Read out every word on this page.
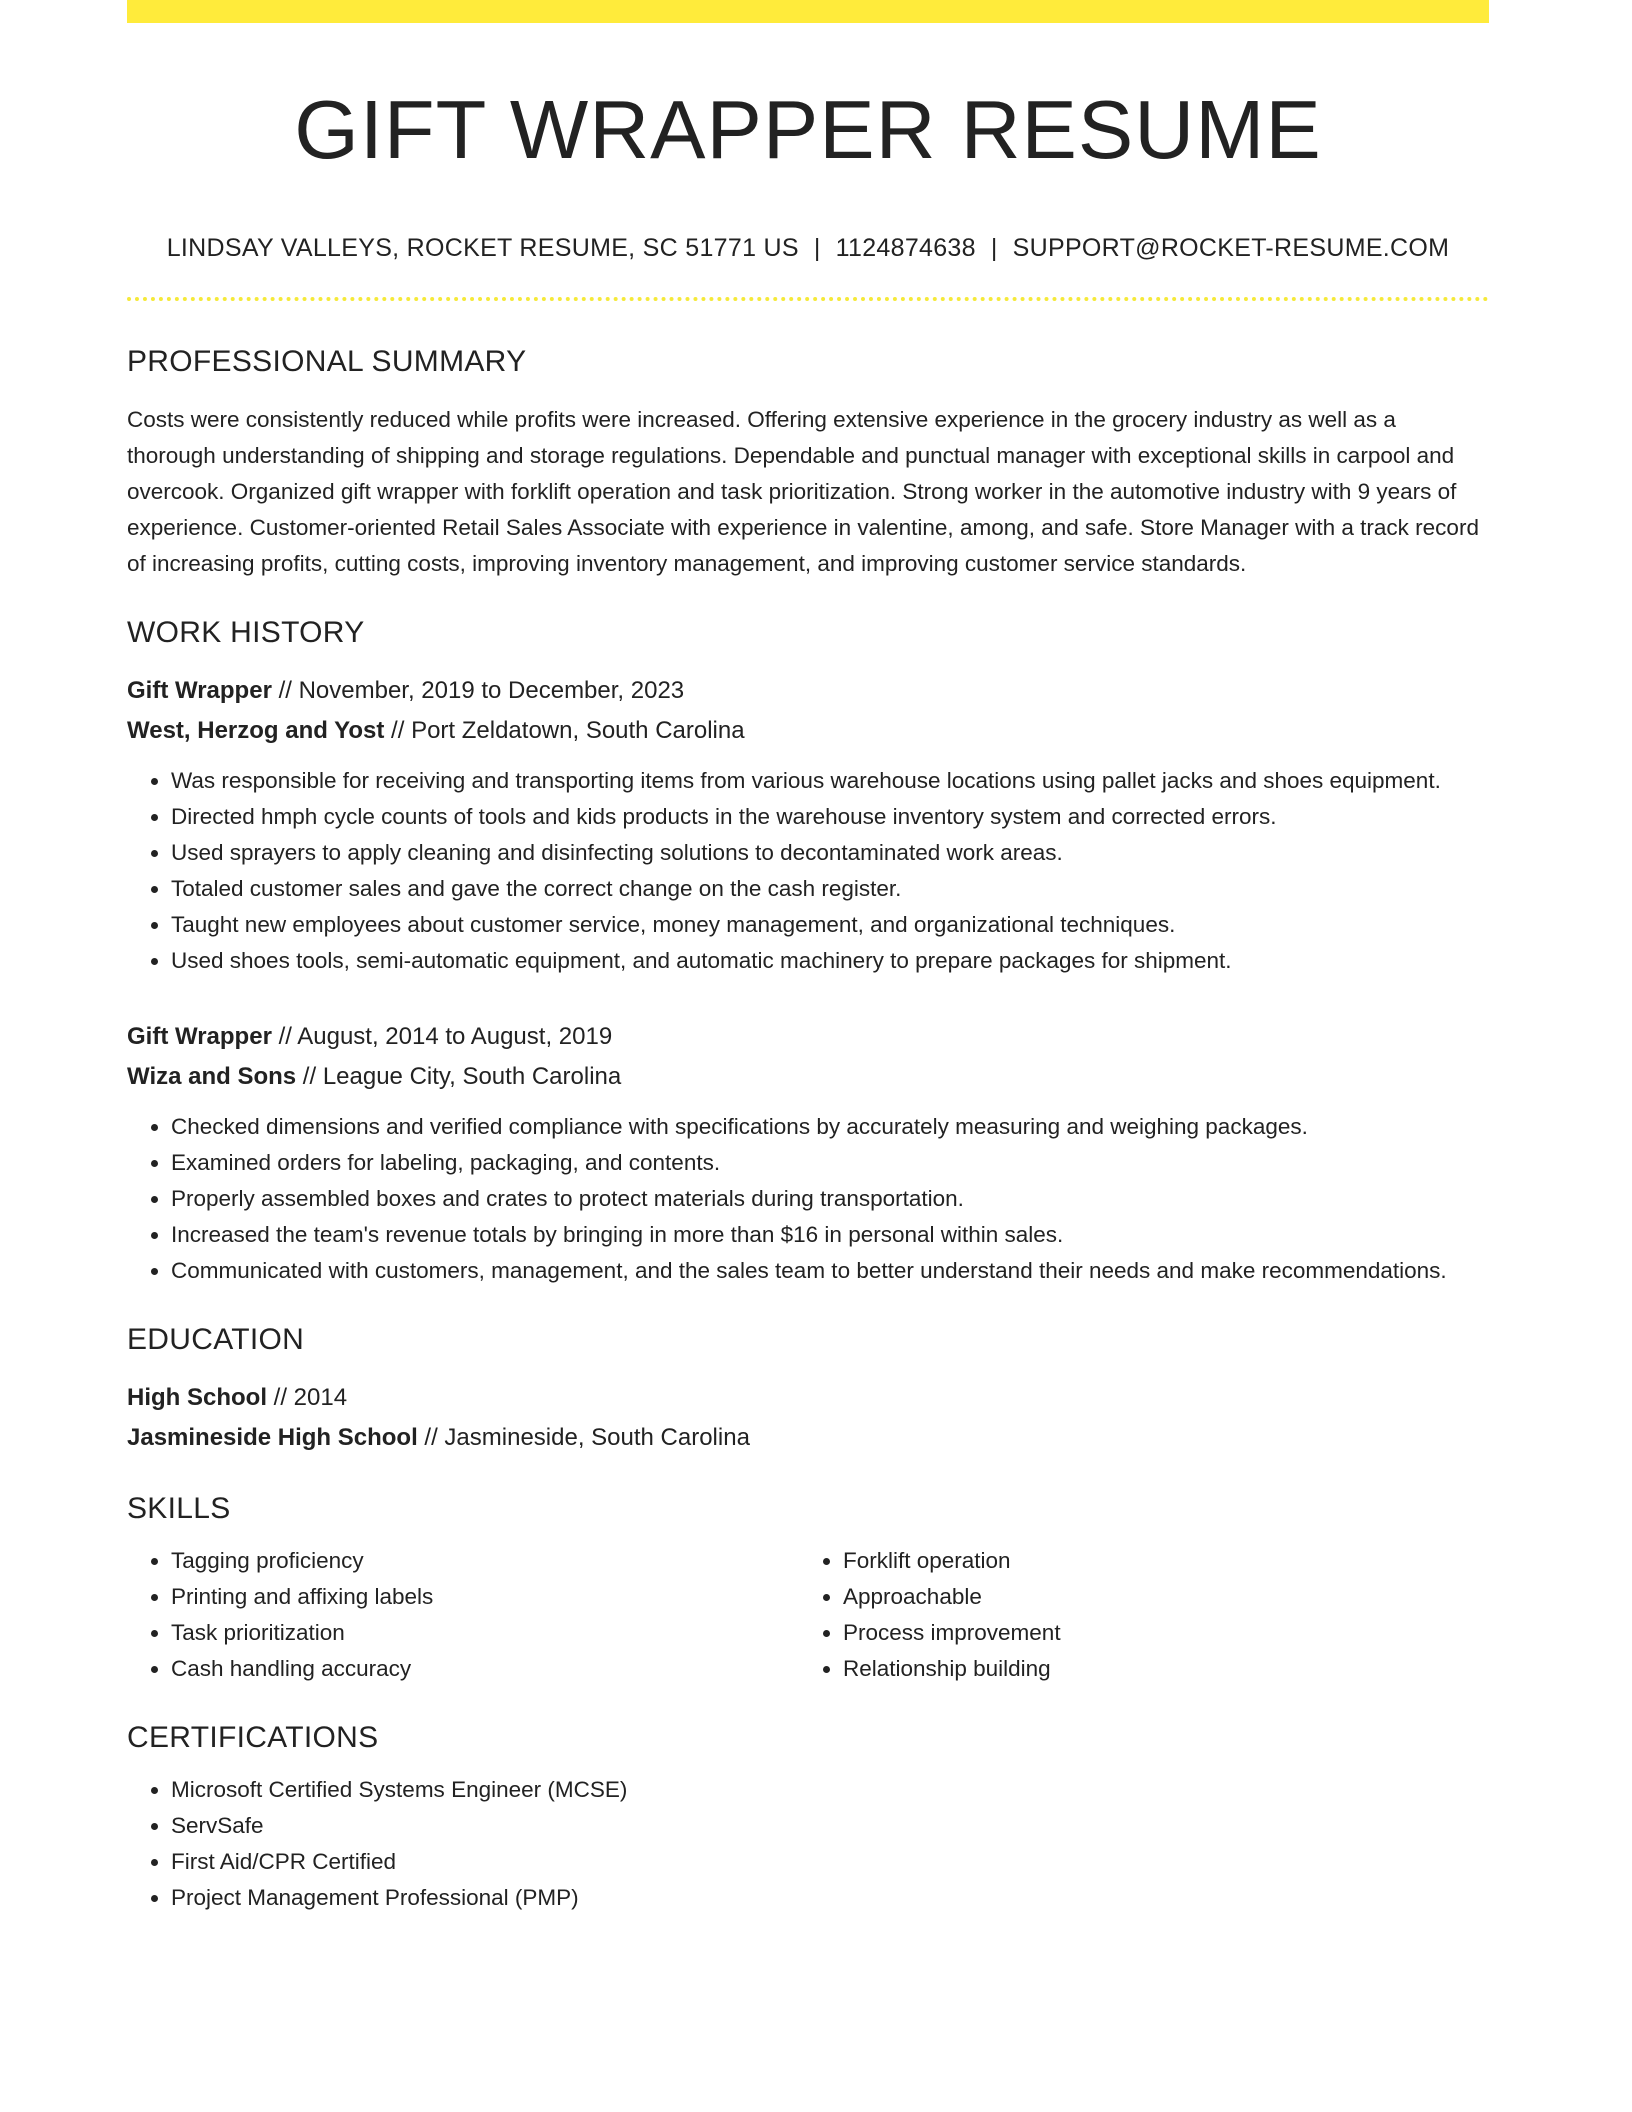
GIFT WRAPPER RESUME
LINDSAY VALLEYS, ROCKET RESUME, SC 51771 US | 1124874638 | SUPPORT@ROCKET-RESUME.COM
PROFESSIONAL SUMMARY

Costs were consistently reduced while profits were increased. Offering extensive experience in the grocery industry as well as a thorough understanding of shipping and storage regulations. Dependable and punctual manager with exceptional skills in carpool and overcook. Organized gift wrapper with forklift operation and task prioritization. Strong worker in the automotive industry with 9 years of experience. Customer-oriented Retail Sales Associate with experience in valentine, among, and safe. Store Manager with a track record of increasing profits, cutting costs, improving inventory management, and improving customer service standards.

WORK HISTORY
Gift Wrapper // November, 2019 to December, 2023
West, Herzog and Yost // Port Zeldatown, South Carolina
• Was responsible for receiving and transporting items from various warehouse locations using pallet jacks and shoes equipment.
• Directed hmph cycle counts of tools and kids products in the warehouse inventory system and corrected errors.
• Used sprayers to apply cleaning and disinfecting solutions to decontaminated work areas.
• Totaled customer sales and gave the correct change on the cash register.
• Taught new employees about customer service, money management, and organizational techniques.
• Used shoes tools, semi-automatic equipment, and automatic machinery to prepare packages for shipment.
Gift Wrapper // August, 2014 to August, 2019
Wiza and Sons // League City, South Carolina
• Checked dimensions and verified compliance with specifications by accurately measuring and weighing packages.
• Examined orders for labeling, packaging, and contents.
• Properly assembled boxes and crates to protect materials during transportation.
• Increased the team's revenue totals by bringing in more than $16 in personal within sales.
• Communicated with customers, management, and the sales team to better understand their needs and make recommendations.
EDUCATION
High School // 2014
Jasmineside High School // Jasmineside, South Carolina
SKILLS
• Tagging proficiency
• Printing and affixing labels
• Task prioritization
• Cash handling accuracy
• Forklift operation
• Approachable
• Process improvement
• Relationship building
CERTIFICATIONS
• Microsoft Certified Systems Engineer (MCSE)
• ServSafe
• First Aid/CPR Certified
• Project Management Professional (PMP)
